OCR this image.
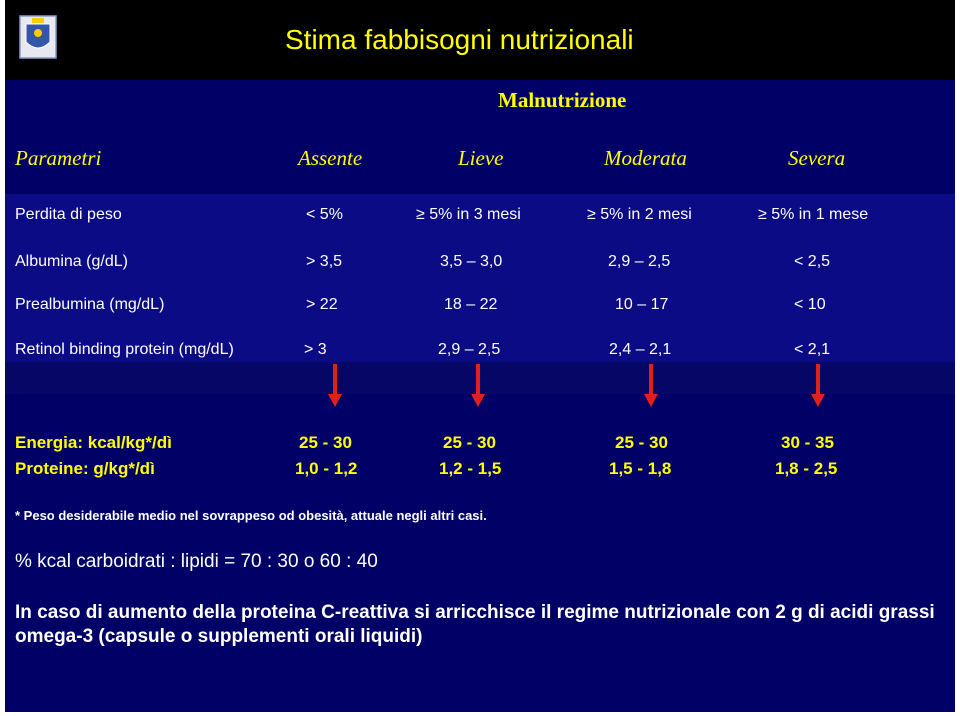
Stima fabbisogni nutrizionali
Malnutrizione
Parametri	Assente	Lieve	Moderata	Severa
Perdita di peso	< 5%	≥ 5% in 3 mesi	≥ 5% in 2 mesi	≥ 5% in 1 mese
Albumina (g/dL)	> 3,5	3,5 – 3,0	2,9 – 2,5	< 2,5
Prealbumina (mg/dL)	> 22	18 – 22	10 – 17	< 10
Retinol binding protein (mg/dL)	> 3	2,9 – 2,5	2,4 – 2,1	< 2,1
Energia: kcal/kg*/dì	25 - 30	25 - 30	25 - 30	30 - 35
Proteine: g/kg*/dì	1,0 - 1,2	1,2 - 1,5	1,5 - 1,8	1,8 - 2,5
* Peso desiderabile medio nel sovrappeso od obesità, attuale negli altri casi.
% kcal carboidrati : lipidi = 70 : 30 o 60 : 40
In caso di aumento della proteina C-reattiva si arricchisce il regime nutrizionale con 2 g di acidi grassi omega-3 (capsule o supplementi orali liquidi)
